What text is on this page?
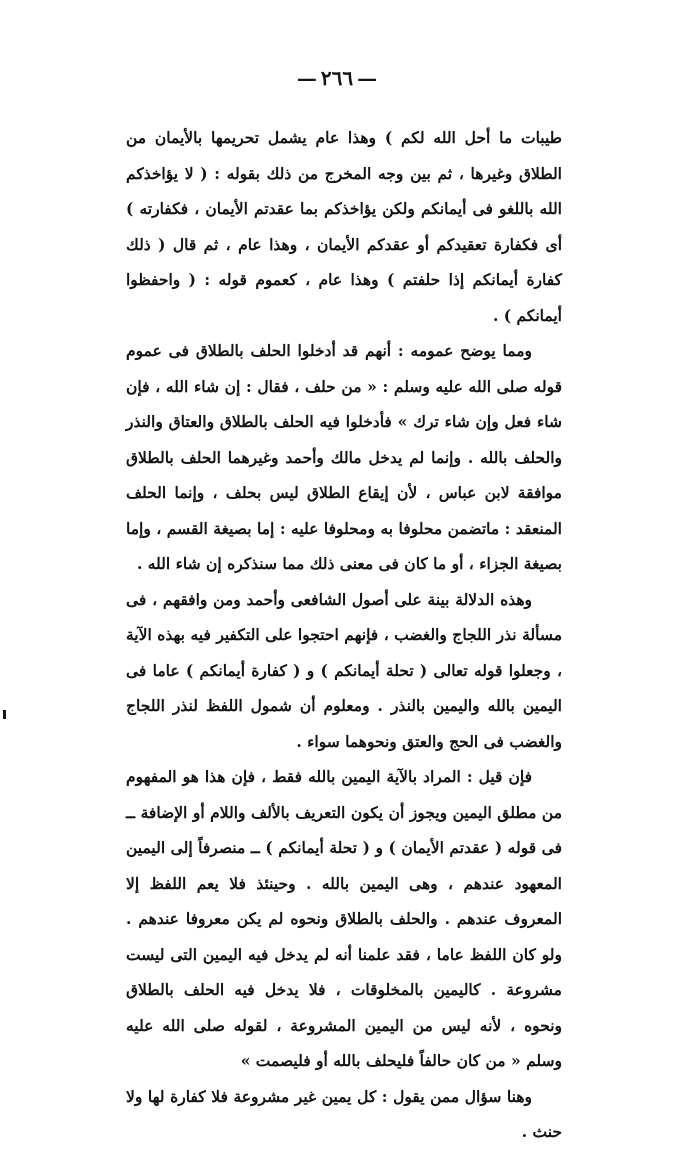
—٢٦٦—

طيبات ما أحل الله لكم ) وهذا عام يشمل تحريمها بالأيمان من الطلاق وغيرها ، ثم بين وجه المخرج من ذلك بقوله : ( لا يؤاخذكم الله باللغو فى أيمانكم ولكن يؤاخذكم بما عقدتم الأيمان ، فكفارته ) أى فكفارة تعقيدكم أو عقدكم الأيمان ، وهذا عام ، ثم قال ( ذلك كفارة أيمانكم إذا حلفتم ) وهذا عام ، كعموم قوله : ( واحفظوا أيمانكم ) .

ومما يوضح عمومه : أنهم قد أدخلوا الحلف بالطلاق فى عموم قوله صلى الله عليه وسلم : « من حلف ، فقال : إن شاء الله ، فإن شاء فعل وإن شاء ترك » فأدخلوا فيه الحلف بالطلاق والعتاق والنذر والحلف بالله . وإنما لم يدخل مالك وأحمد وغيرهما الحلف بالطلاق موافقة لابن عباس ، لأن إيقاع الطلاق ليس بحلف ، وإنما الحلف المنعقد : ماتضمن محلوفا به ومحلوفا عليه : إما بصيغة القسم ، وإما بصيغة الجزاء ، أو ما كان فى معنى ذلك مما سنذكره إن شاء الله .

وهذه الدلالة بينة على أصول الشافعى وأحمد ومن وافقهم ، فى مسألة نذر اللجاج والغضب ، فإنهم احتجوا على التكفير فيه بهذه الآية ، وجعلوا قوله تعالى ( تحلة أيمانكم ) و ( كفارة أيمانكم ) عاما فى اليمين بالله واليمين بالنذر . ومعلوم أن شمول اللفظ لنذر اللجاج والغضب فى الحج والعتق ونحوهما سواء .

فإن قيل : المراد بالآية اليمين بالله فقط ، فإن هذا هو المفهوم من مطلق اليمين ويجوز أن يكون التعريف بالألف واللام أو الإضافة ــ فى قوله ( عقدتم الأيمان ) و ( تحلة أيمانكم ) ــ منصرفاً إلى اليمين المعهود عندهم ، وهى اليمين بالله . وحينئذ فلا يعم اللفظ إلا المعروف عندهم . والحلف بالطلاق ونحوه لم يكن معروفا عندهم . ولو كان اللفظ عاما ، فقد علمنا أنه لم يدخل فيه اليمين التى ليست مشروعة . كاليمين بالمخلوقات ، فلا يدخل فيه الحلف بالطلاق ونحوه ، لأنه ليس من اليمين المشروعة ، لقوله صلى الله عليه وسلم « من كان حالفاً فليحلف بالله أو فليصمت »

وهنا سؤال ممن يقول : كل يمين غير مشروعة فلا كفارة لها ولا حنث .
